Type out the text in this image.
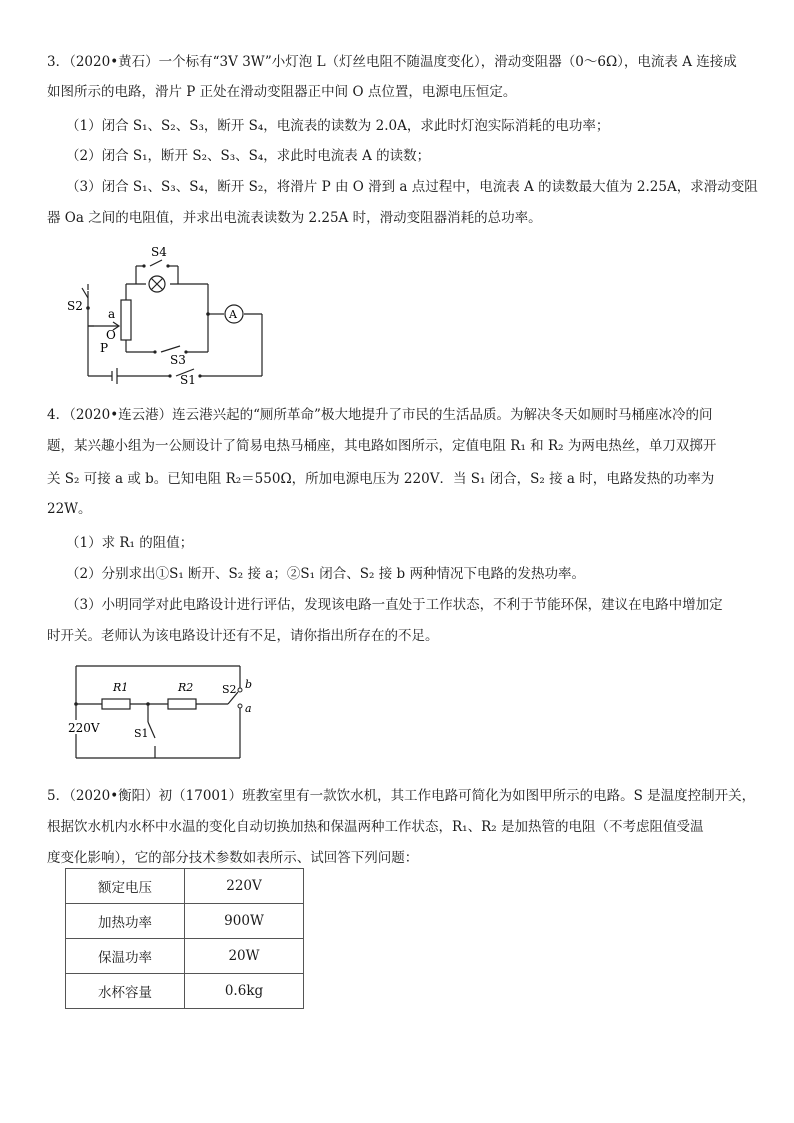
3．（2020•黄石）一个标有“3V 3W”小灯泡 L（灯丝电阻不随温度变化），滑动变阻器（0～6Ω），电流表 A 连接成
如图所示的电路，滑片 P 正处在滑动变阻器正中间 O 点位置，电源电压恒定。
（1）闭合 S₁、S₂、S₃，断开 S₄，电流表的读数为 2.0A，求此时灯泡实际消耗的电功率；
（2）闭合 S₁，断开 S₂、S₃、S₄，求此时电流表 A 的读数；
（3）闭合 S₁、S₃、S₄，断开 S₂，将滑片 P 由 O 滑到 a 点过程中，电流表 A 的读数最大值为 2.25A，求滑动变阻
器 Oa 之间的电阻值，并求出电流表读数为 2.25A 时，滑动变阻器消耗的总功率。
S4
S2
a
O
P
S3
S1
A
4．（2020•连云港）连云港兴起的“厕所革命”极大地提升了市民的生活品质。为解决冬天如厕时马桶座冰冷的问
题，某兴趣小组为一公厕设计了简易电热马桶座，其电路如图所示，定值电阻 R₁ 和 R₂ 为两电热丝，单刀双掷开
关 S₂ 可接 a 或 b。已知电阻 R₂＝550Ω，所加电源电压为 220V．当 S₁ 闭合，S₂ 接 a 时，电路发热的功率为
22W。
（1）求 R₁ 的阻值；
（2）分别求出①S₁ 断开、S₂ 接 a；②S₁ 闭合、S₂ 接 b 两种情况下电路的发热功率。
（3）小明同学对此电路设计进行评估，发现该电路一直处于工作状态，不利于节能环保，建议在电路中增加定
时开关。老师认为该电路设计还有不足，请你指出所存在的不足。
R1	R2	S2 b
a
220V	S1
5．（2020•衡阳）初（17001）班教室里有一款饮水机，其工作电路可简化为如图甲所示的电路。S 是温度控制开关，
根据饮水机内水杯中水温的变化自动切换加热和保温两种工作状态，R₁、R₂ 是加热管的电阻（不考虑阻值受温
度变化影响），它的部分技术参数如表所示、试回答下列问题：
额定电压	220V
加热功率	900W
保温功率	20W
水杯容量	0.6kg
